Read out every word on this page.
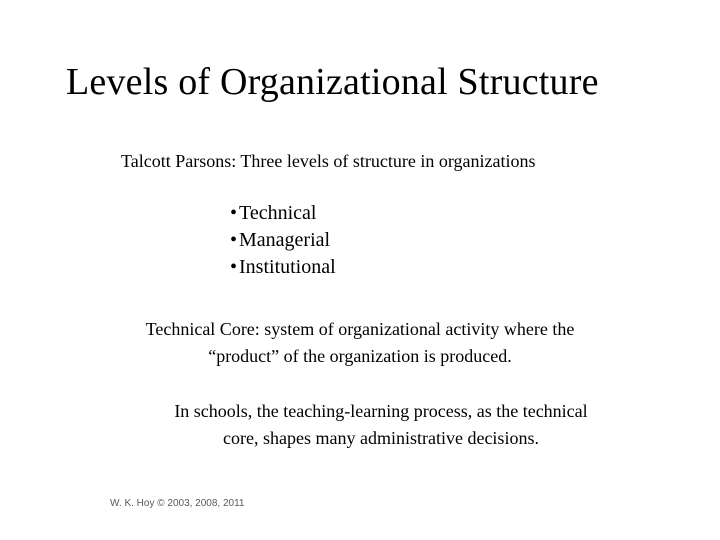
Levels of Organizational Structure
Talcott Parsons: Three levels of structure in organizations
• Technical
• Managerial
• Institutional
Technical Core: system of organizational activity where the
“product” of the organization is produced.
In schools, the teaching-learning process, as the technical
core, shapes many administrative decisions.
W. K. Hoy © 2003, 2008, 2011
